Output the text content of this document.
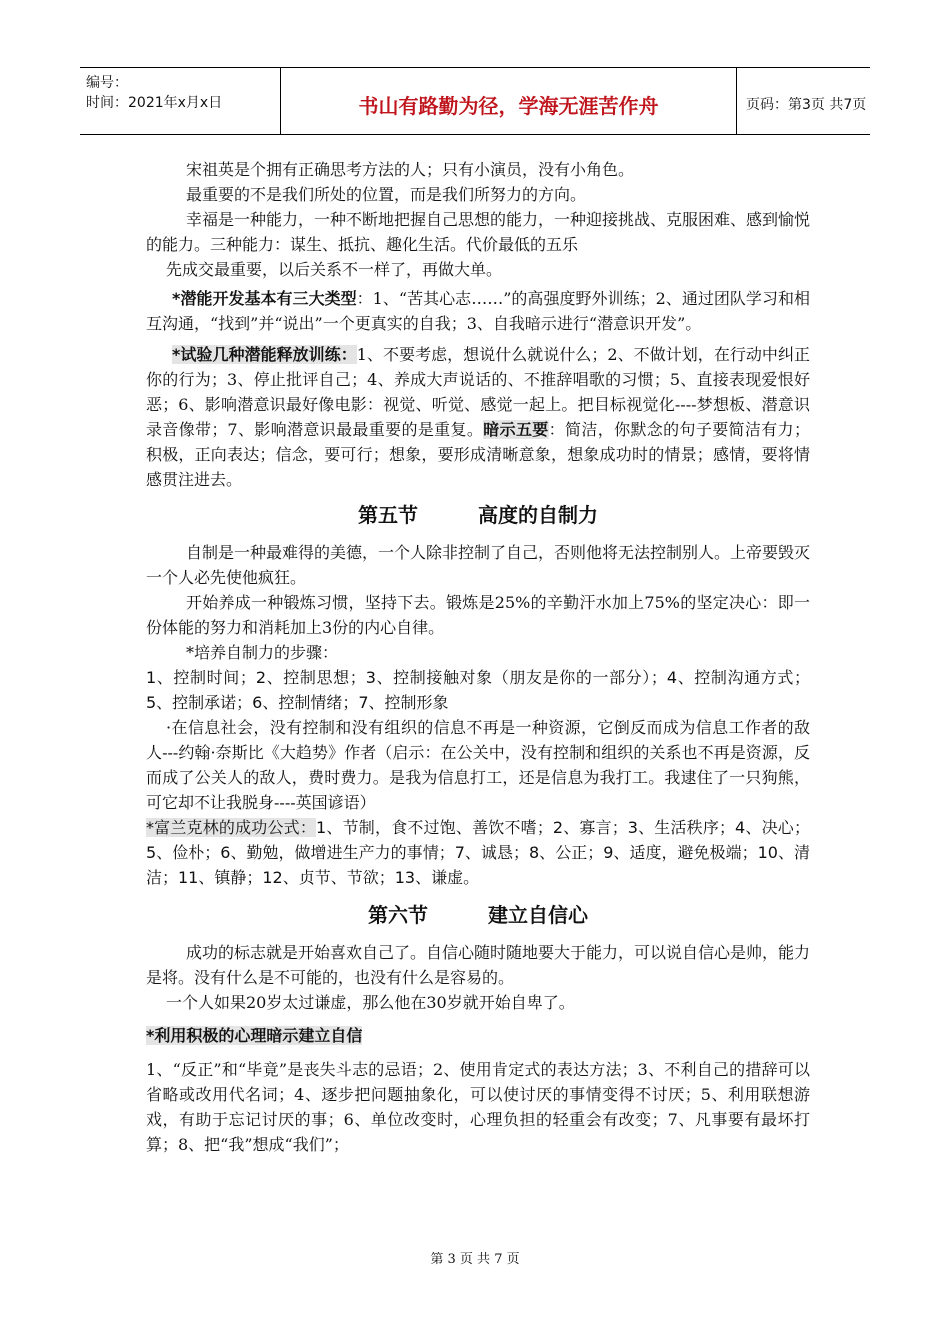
编号：
时间：2021年x月x日	书山有路勤为径，学海无涯苦作舟	页码：第3页 共7页

宋祖英是个拥有正确思考方法的人；只有小演员，没有小角色。

最重要的不是我们所处的位置，而是我们所努力的方向。

幸福是一种能力，一种不断地把握自己思想的能力，一种迎接挑战、克服困难、感到愉悦的能力。三种能力：谋生、抵抗、趣化生活。代价最低的五乐

先成交最重要，以后关系不一样了，再做大单。

*潜能开发基本有三大类型：1、“苦其心志……”的高强度野外训练；2、通过团队学习和相互沟通，“找到”并“说出”一个更真实的自我；3、自我暗示进行“潜意识开发”。

*试验几种潜能释放训练：1、不要考虑，想说什么就说什么；2、不做计划，在行动中纠正你的行为；3、停止批评自己；4、养成大声说话的、不推辞唱歌的习惯；5、直接表现爱恨好恶；6、影响潜意识最好像电影：视觉、听觉、感觉一起上。把目标视觉化----梦想板、潜意识录音像带；7、影响潜意识最最重要的是重复。暗示五要：简洁，你默念的句子要简洁有力；积极，正向表达；信念，要可行；想象，要形成清晰意象，想象成功时的情景；感情，要将情感贯注进去。

第五节	高度的自制力

自制是一种最难得的美德，一个人除非控制了自己，否则他将无法控制别人。上帝要毁灭一个人必先使他疯狂。

开始养成一种锻炼习惯，坚持下去。锻炼是25%的辛勤汗水加上75%的坚定决心：即一份体能的努力和消耗加上3份的内心自律。

*培养自制力的步骤：

1、控制时间；2、控制思想；3、控制接触对象（朋友是你的一部分）；4、控制沟通方式；5、控制承诺；6、控制情绪；7、控制形象

·在信息社会，没有控制和没有组织的信息不再是一种资源，它倒反而成为信息工作者的敌人---约翰·奈斯比《大趋势》作者（启示：在公关中，没有控制和组织的关系也不再是资源，反而成了公关人的敌人，费时费力。是我为信息打工，还是信息为我打工。我逮住了一只狗熊，可它却不让我脱身----英国谚语）

*富兰克林的成功公式：1、节制，食不过饱、善饮不嗜；2、寡言；3、生活秩序；4、决心；5、俭朴；6、勤勉，做增进生产力的事情；7、诚恳；8、公正；9、适度，避免极端；10、清洁；11、镇静；12、贞节、节欲；13、谦虚。

第六节	建立自信心

成功的标志就是开始喜欢自己了。自信心随时随地要大于能力，可以说自信心是帅，能力是将。没有什么是不可能的，也没有什么是容易的。

一个人如果20岁太过谦虚，那么他在30岁就开始自卑了。

*利用积极的心理暗示建立自信

1、“反正”和“毕竟”是丧失斗志的忌语；2、使用肯定式的表达方法；3、不利自己的措辞可以省略或改用代名词；4、逐步把问题抽象化，可以使讨厌的事情变得不讨厌；5、利用联想游戏，有助于忘记讨厌的事；6、单位改变时，心理负担的轻重会有改变；7、凡事要有最坏打算；8、把“我”想成“我们”；

第 3 页 共 7 页
